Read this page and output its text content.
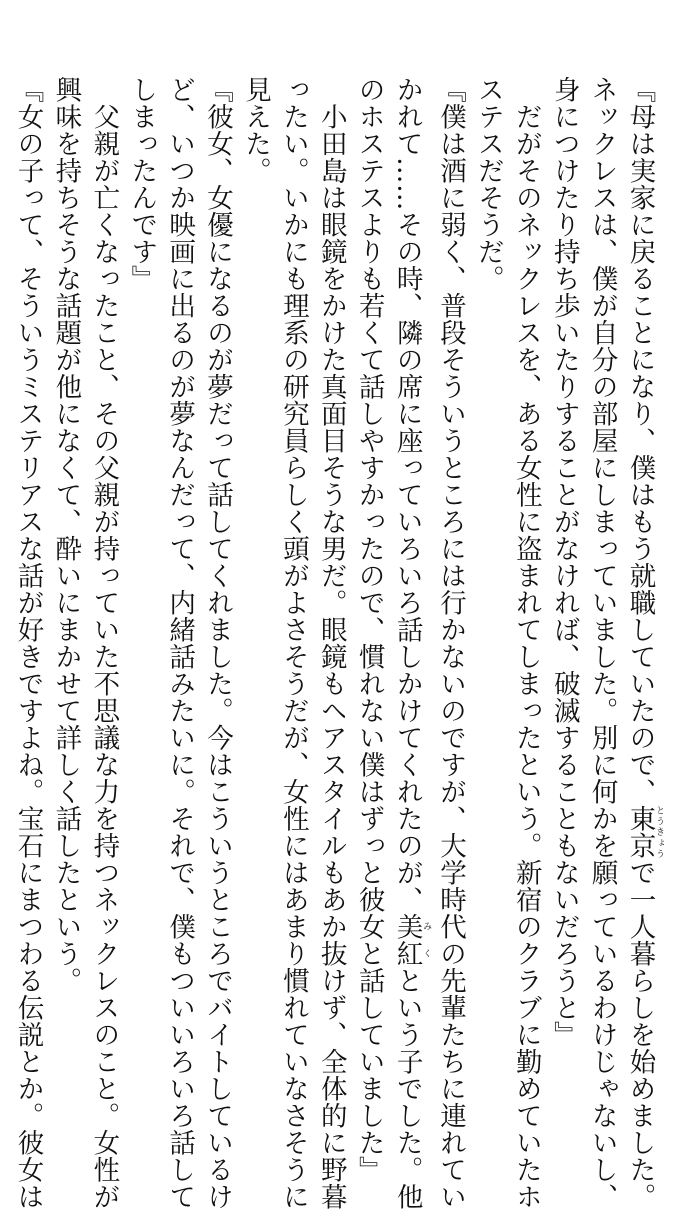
『母は実家に戻ることになり、僕はもう就職していたので、東京とうきょうで一人暮らしを始めました。
ネックレスは、僕が自分の部屋にしまっていました。別に何かを願っているわけじゃないし、
身につけたり持ち歩いたりすることがなければ、破滅することもないだろうと』
　だがそのネックレスを、ある女性に盗まれてしまったという。新宿のクラブに勤めていたホ
ステスだそうだ。
『僕は酒に弱く、普段そういうところには行かないのですが、大学時代の先輩たちに連れてい
かれて……その時、隣の席に座っていろいろ話しかけてくれたのが、美紅みくという子でした。他
のホステスよりも若くて話しやすかったので、慣れない僕はずっと彼女と話していました』
　小田島は眼鏡をかけた真面目そうな男だ。眼鏡もヘアスタイルもあか抜けず、全体的に野暮
ったい。いかにも理系の研究員らしく頭がよさそうだが、女性にはあまり慣れていなさそうに
見えた。
『彼女、女優になるのが夢だって話してくれました。今はこういうところでバイトしているけ
ど、いつか映画に出るのが夢なんだって、内緒話みたいに。それで、僕もついいろいろ話して
しまったんです』
　父親が亡くなったこと、その父親が持っていた不思議な力を持つネックレスのこと。女性が
興味を持ちそうな話題が他になくて、酔いにまかせて詳しく話したという。
『女の子って、そういうミステリアスな話が好きですよね。宝石にまつわる伝説とか。彼女は
